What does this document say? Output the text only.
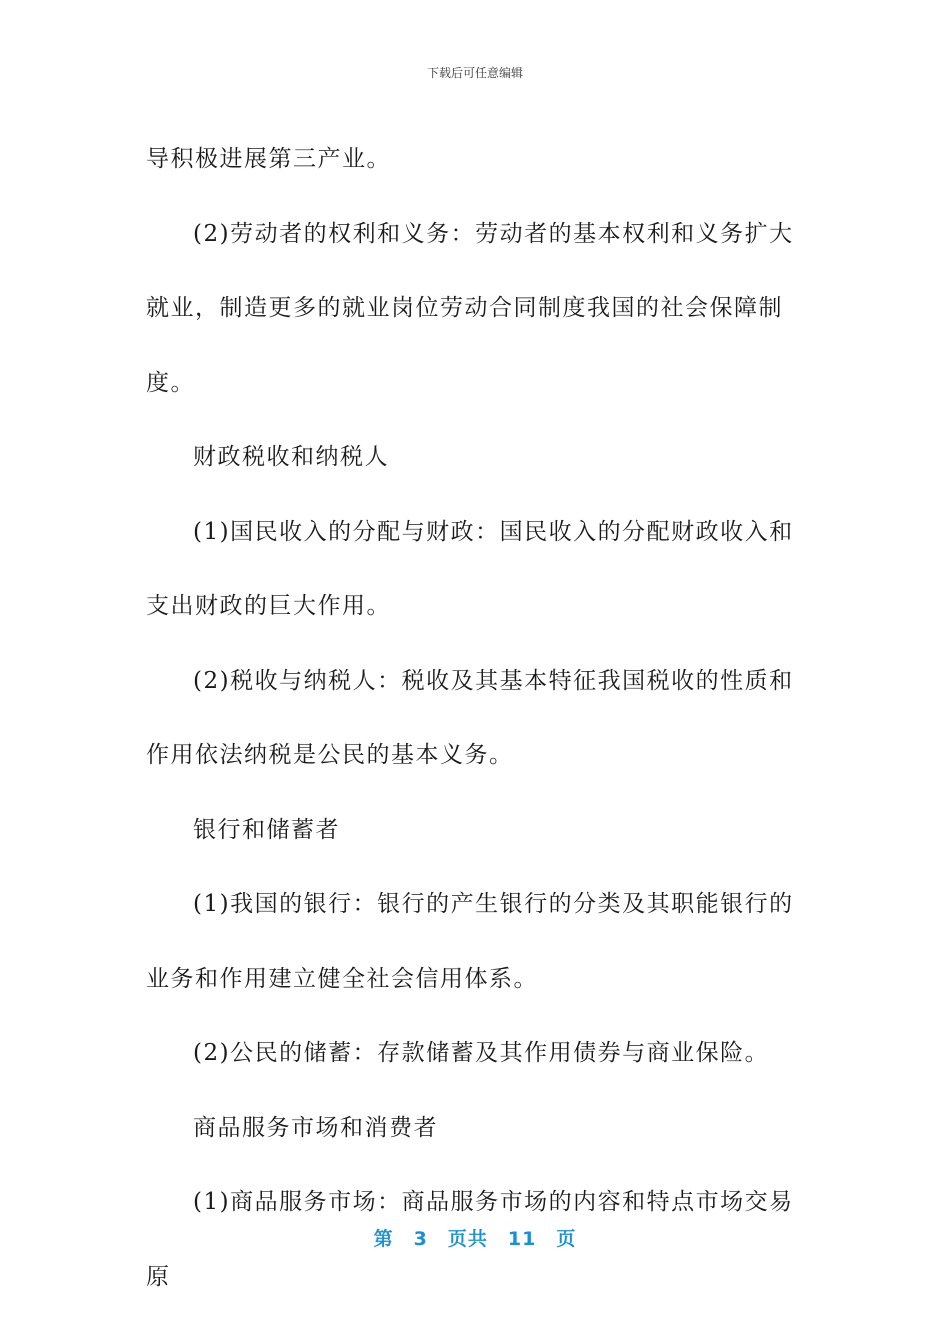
下载后可任意编辑

导积极进展第三产业。

(2)劳动者的权利和义务：劳动者的基本权利和义务扩大就业，制造更多的就业岗位劳动合同制度我国的社会保障制度。

财政税收和纳税人

(1)国民收入的分配与财政：国民收入的分配财政收入和支出财政的巨大作用。

(2)税收与纳税人：税收及其基本特征我国税收的性质和作用依法纳税是公民的基本义务。

银行和储蓄者

(1)我国的银行：银行的产生银行的分类及其职能银行的业务和作用建立健全社会信用体系。

(2)公民的储蓄：存款储蓄及其作用债券与商业保险。

商品服务市场和消费者

(1)商品服务市场：商品服务市场的内容和特点市场交易原

第 3 页共 11 页
